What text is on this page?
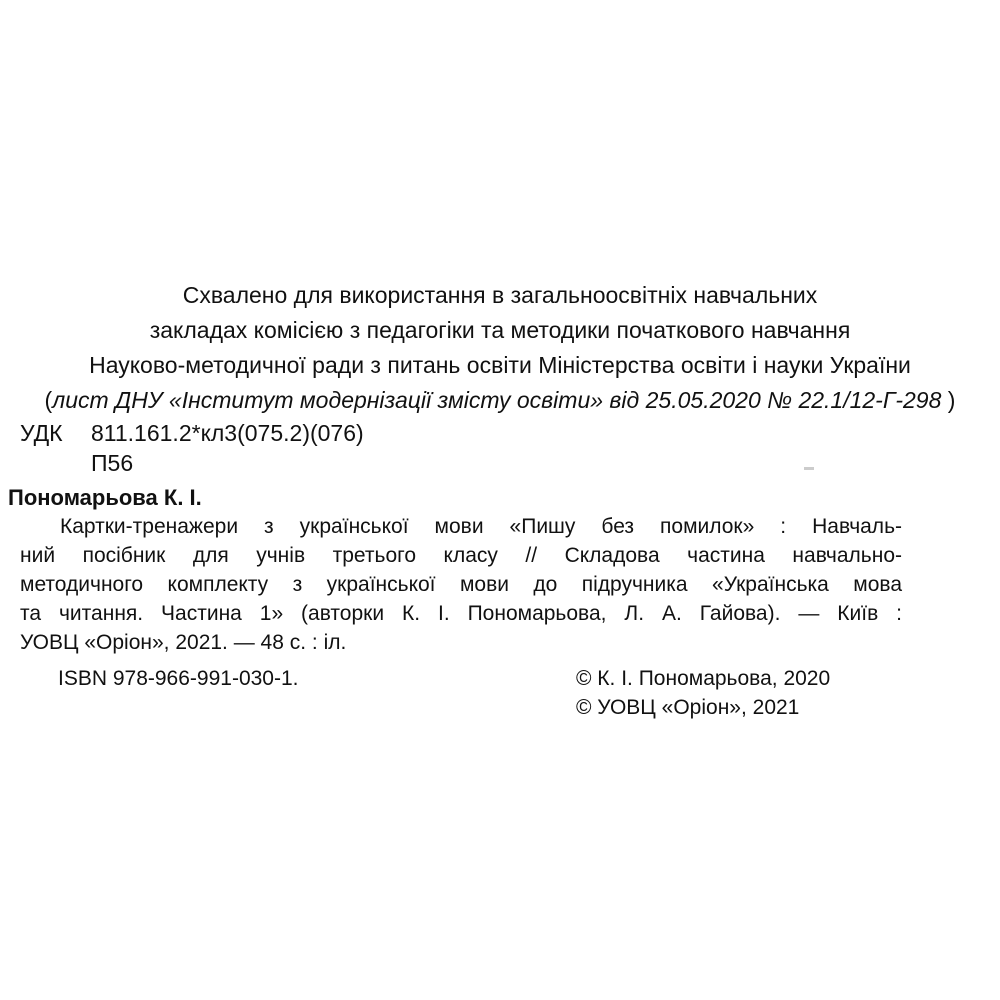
Схвалено для використання в загальноосвітніх навчальних
закладах комісією з педагогіки та методики початкового навчання
Науково-методичної ради з питань освіти Міністерства освіти і науки України
(лист ДНУ «Інститут модернізації змісту освіти» від 25.05.2020 № 22.1/12-Г-298 )
УДК 811.161.2*кл3(075.2)(076)
П56
Пономарьова К. І.
Картки-тренажери з української мови «Пишу без помилок» : Навчаль-
ний посібник для учнів третього класу // Складова частина навчально-
методичного комплекту з української мови до підручника «Українська мова
та читання. Частина 1» (авторки К. І. Пономарьова, Л. А. Гайова). — Київ :
УОВЦ «Оріон», 2021. — 48 с. : іл.
ISBN 978-966-991-030-1.	© К. І. Пономарьова, 2020
© УОВЦ «Оріон», 2021
